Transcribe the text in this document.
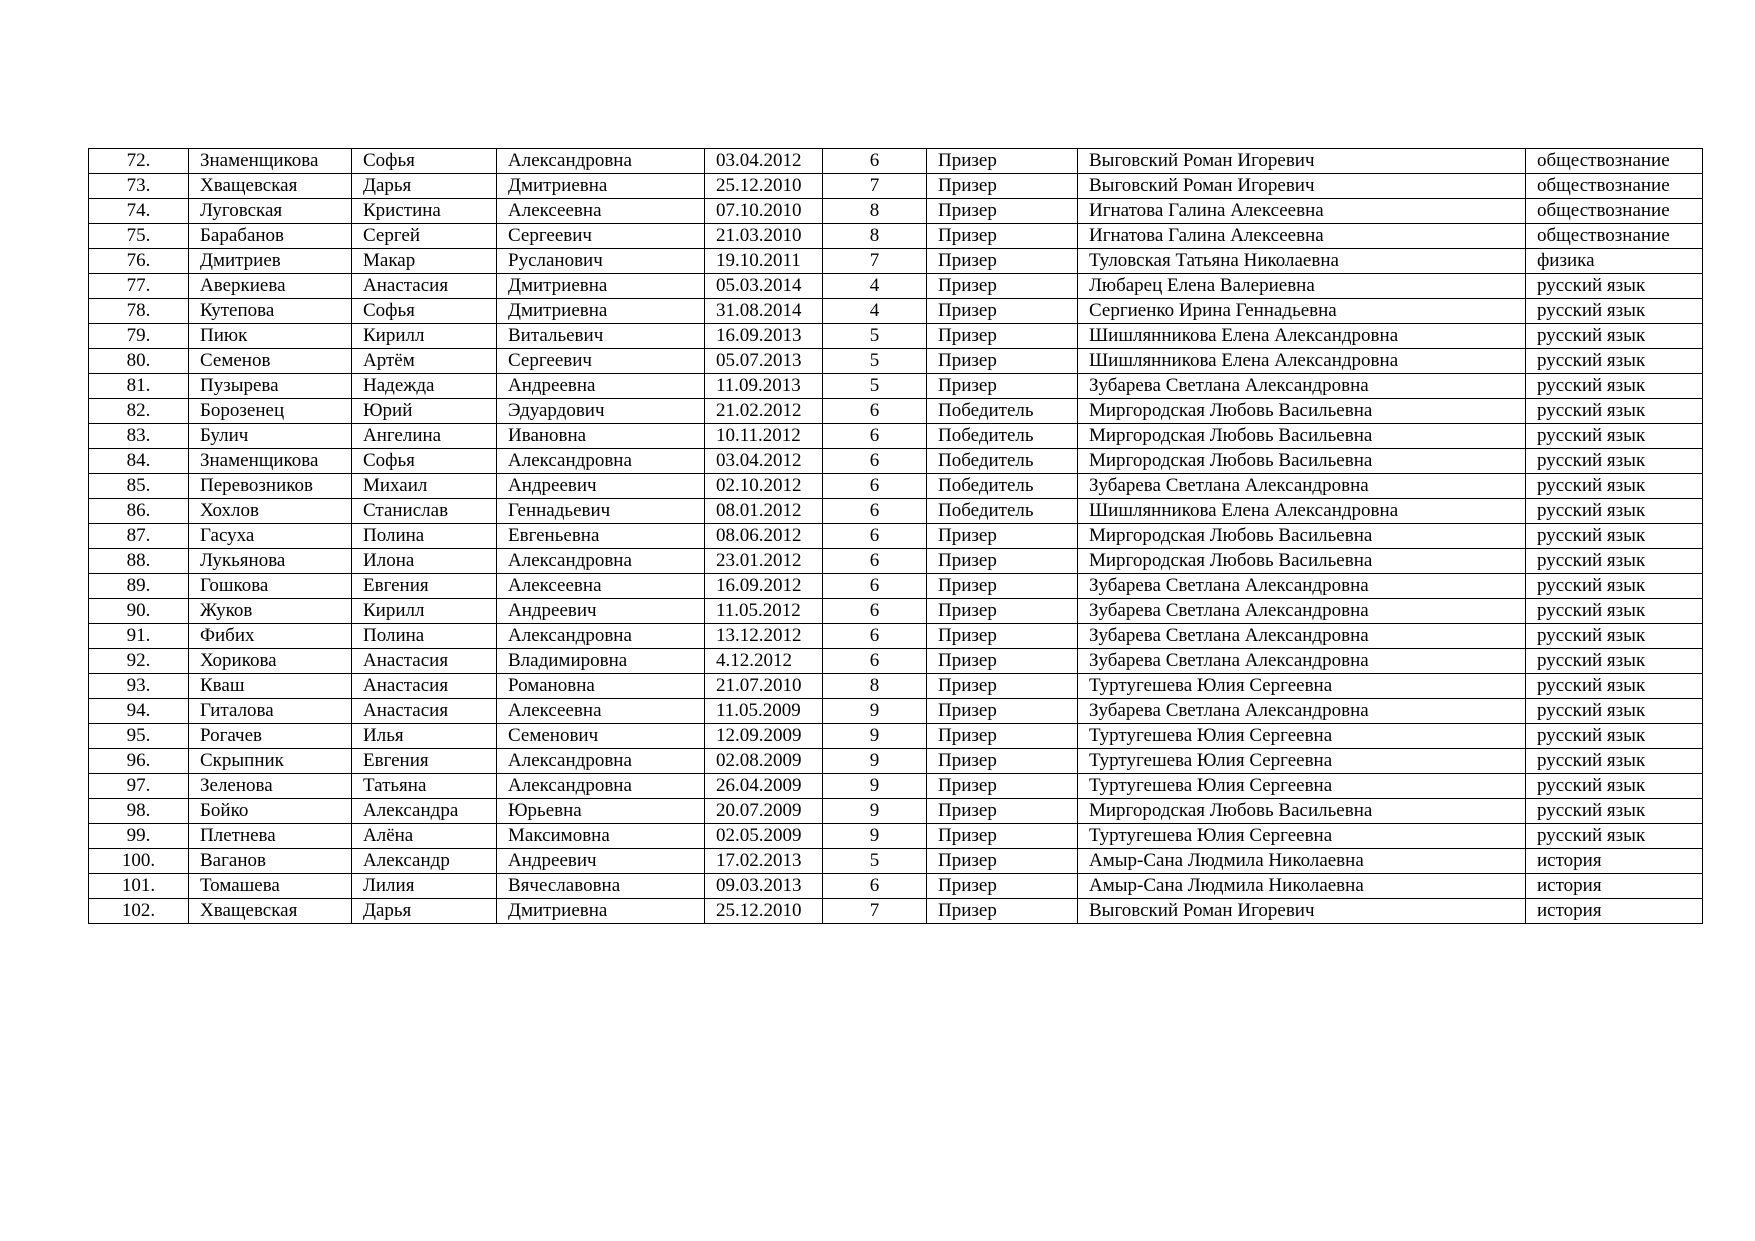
72.	Знаменщикова	Софья	Александровна	03.04.2012	6	Призер	Выговский Роман Игоревич	обществознание
73.	Хващевская	Дарья	Дмитриевна	25.12.2010	7	Призер	Выговский Роман Игоревич	обществознание
74.	Луговская	Кристина	Алексеевна	07.10.2010	8	Призер	Игнатова Галина Алексеевна	обществознание
75.	Барабанов	Сергей	Сергеевич	21.03.2010	8	Призер	Игнатова Галина Алексеевна	обществознание
76.	Дмитриев	Макар	Русланович	19.10.2011	7	Призер	Туловская Татьяна Николаевна	физика
77.	Аверкиева	Анастасия	Дмитриевна	05.03.2014	4	Призер	Любарец Елена Валериевна	русский язык
78.	Кутепова	Софья	Дмитриевна	31.08.2014	4	Призер	Сергиенко Ирина Геннадьевна	русский язык
79.	Пиюк	Кирилл	Витальевич	16.09.2013	5	Призер	Шишлянникова Елена Александровна	русский язык
80.	Семенов	Артём	Сергеевич	05.07.2013	5	Призер	Шишлянникова Елена Александровна	русский язык
81.	Пузырева	Надежда	Андреевна	11.09.2013	5	Призер	Зубарева Светлана Александровна	русский язык
82.	Борозенец	Юрий	Эдуардович	21.02.2012	6	Победитель	Миргородская Любовь Васильевна	русский язык
83.	Булич	Ангелина	Ивановна	10.11.2012	6	Победитель	Миргородская Любовь Васильевна	русский язык
84.	Знаменщикова	Софья	Александровна	03.04.2012	6	Победитель	Миргородская Любовь Васильевна	русский язык
85.	Перевозников	Михаил	Андреевич	02.10.2012	6	Победитель	Зубарева Светлана Александровна	русский язык
86.	Хохлов	Станислав	Геннадьевич	08.01.2012	6	Победитель	Шишлянникова Елена Александровна	русский язык
87.	Гасуха	Полина	Евгеньевна	08.06.2012	6	Призер	Миргородская Любовь Васильевна	русский язык
88.	Лукьянова	Илона	Александровна	23.01.2012	6	Призер	Миргородская Любовь Васильевна	русский язык
89.	Гошкова	Евгения	Алексеевна	16.09.2012	6	Призер	Зубарева Светлана Александровна	русский язык
90.	Жуков	Кирилл	Андреевич	11.05.2012	6	Призер	Зубарева Светлана Александровна	русский язык
91.	Фибих	Полина	Александровна	13.12.2012	6	Призер	Зубарева Светлана Александровна	русский язык
92.	Хорикова	Анастасия	Владимировна	4.12.2012	6	Призер	Зубарева Светлана Александровна	русский язык
93.	Кваш	Анастасия	Романовна	21.07.2010	8	Призер	Туртугешева Юлия Сергеевна	русский язык
94.	Гиталова	Анастасия	Алексеевна	11.05.2009	9	Призер	Зубарева Светлана Александровна	русский язык
95.	Рогачев	Илья	Семенович	12.09.2009	9	Призер	Туртугешева Юлия Сергеевна	русский язык
96.	Скрыпник	Евгения	Александровна	02.08.2009	9	Призер	Туртугешева Юлия Сергеевна	русский язык
97.	Зеленова	Татьяна	Александровна	26.04.2009	9	Призер	Туртугешева Юлия Сергеевна	русский язык
98.	Бойко	Александра	Юрьевна	20.07.2009	9	Призер	Миргородская Любовь Васильевна	русский язык
99.	Плетнева	Алёна	Максимовна	02.05.2009	9	Призер	Туртугешева Юлия Сергеевна	русский язык
100.	Ваганов	Александр	Андреевич	17.02.2013	5	Призер	Амыр-Сана Людмила Николаевна	история
101.	Томашева	Лилия	Вячеславовна	09.03.2013	6	Призер	Амыр-Сана Людмила Николаевна	история
102.	Хващевская	Дарья	Дмитриевна	25.12.2010	7	Призер	Выговский Роман Игоревич	история
